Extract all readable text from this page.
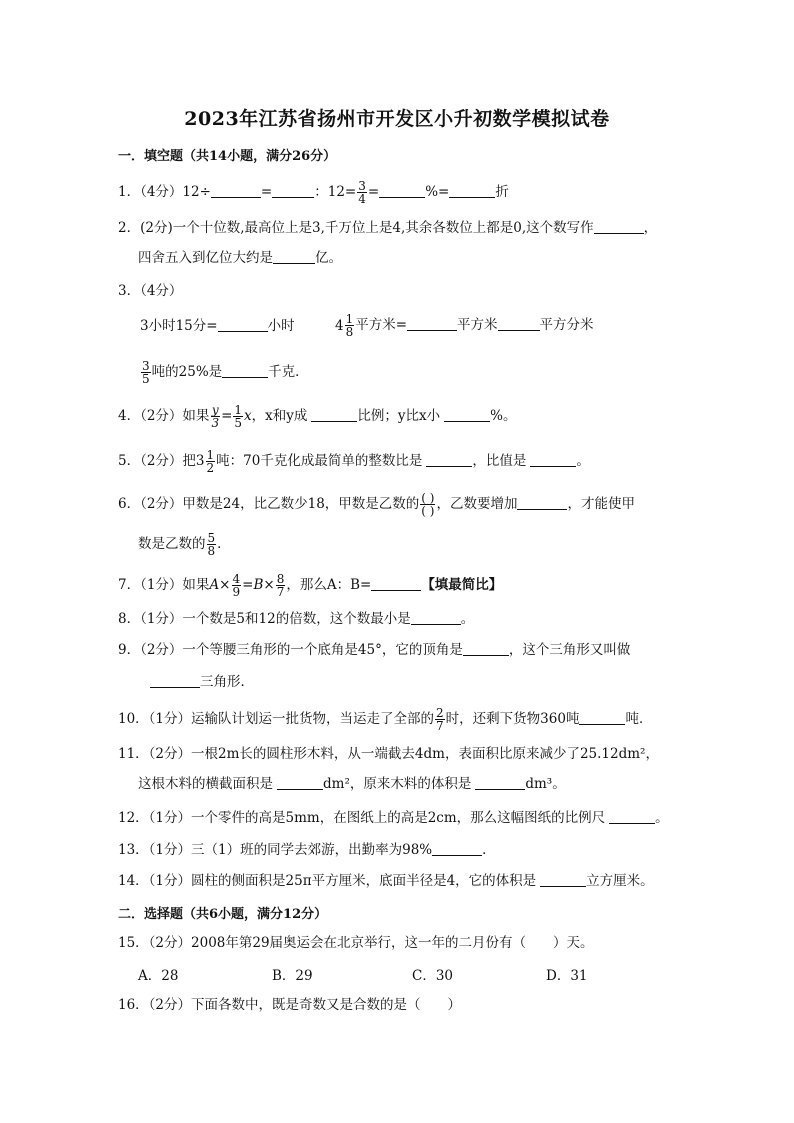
2023年江苏省扬州市开发区小升初数学模拟试卷
一．填空题（共14小题，满分26分）
1．（4分）12÷	=	：$12= \frac{3}{4}$ =	%=	折
2．(2分)一个十位数,最高位上是3,千万位上是4,其余各数位上都是0,这个数写作	，
四舍五入到亿位大约是	亿。
3．（4分）
3小时15分=	小时	$4 \frac{1}{8}$ 平方米=	平方米	平方分米
$\frac{3}{5}$ 吨的25%是	千克．
4．（2分）如果 $\frac{y}{3} = \frac{1}{5}$ x，x和y成	比例；y比x小	%。
5．（2分）把$3 \frac{1}{2}$ 吨：70千克化成最简单的整数比是	，比值是	。
6．（2分）甲数是24，比乙数少18，甲数是乙数的 $\frac{( )}{( )}$ ，乙数要增加	，才能使甲
数是乙数的 $\frac{5}{8}$ ．
7．（1分）如果$A\times \frac{4}{9} =B\times \frac{8}{7}$ ，那么A：B=	【填最简比】
8．（1分）一个数是5和12的倍数，这个数最小是	。
9．（2分）一个等腰三角形的一个底角是45°，它的顶角是	，这个三角形又叫做
三角形．
10．（1分）运输队计划运一批货物，当运走了全部的 $\frac{2}{7}$ 时，还剩下货物360吨	吨．
11．（2分）一根2m长的圆柱形木料，从一端截去4dm，表面积比原来减少了25.12dm²，
这根木料的横截面积是	dm²，原来木料的体积是	dm³。
12．（1分）一个零件的高是5mm，在图纸上的高是2cm，那么这幅图纸的比例尺	。
13．（1分）三（1）班的同学去郊游，出勤率为98%	．
14．（1分）圆柱的侧面积是25π平方厘米，底面半径是4，它的体积是	立方厘米。
二．选择题（共6小题，满分12分）
15．（2分）2008年第29届奥运会在北京举行，这一年的二月份有（　　）天。
A．28	B．29	C．30	D．31
16．（2分）下面各数中，既是奇数又是合数的是（　　）
